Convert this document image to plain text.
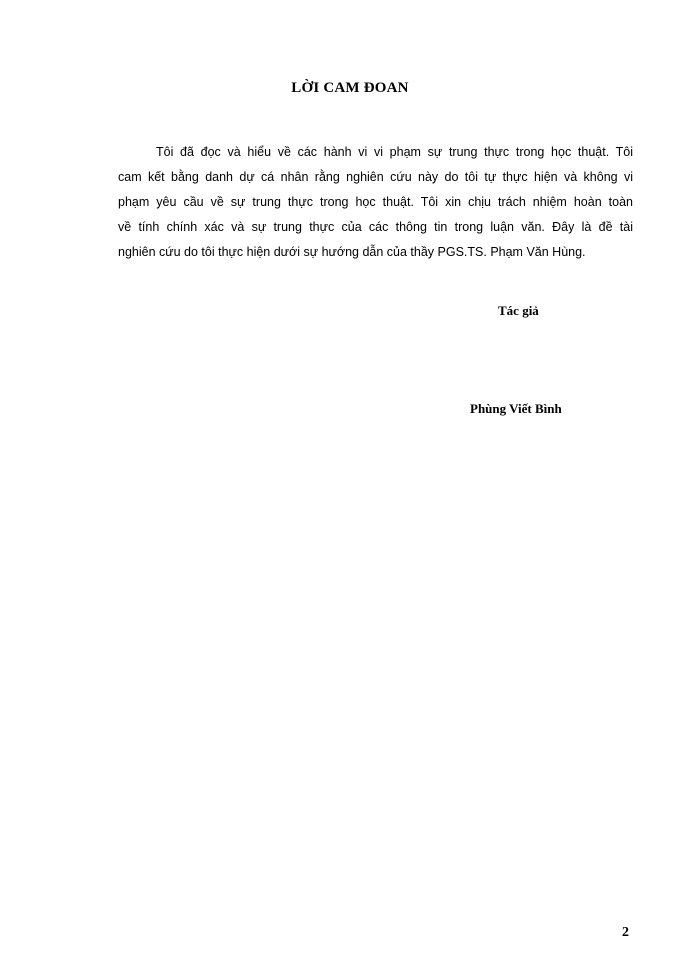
LỜI CAM ĐOAN
Tôi đã đọc và hiểu về các hành vi vi phạm sự trung thực trong học thuật. Tôi
cam kết bằng danh dự cá nhân rằng nghiên cứu này do tôi tự thực hiện và không vi
phạm yêu cầu về sự trung thực trong học thuật. Tôi xin chịu trách nhiệm hoàn toàn
về tính chính xác và sự trung thực của các thông tin trong luận văn. Đây là đề tài
nghiên cứu do tôi thực hiện dưới sự hướng dẫn của thầy PGS.TS. Phạm Văn Hùng.
Tác giả
Phùng Viết Bình
2
